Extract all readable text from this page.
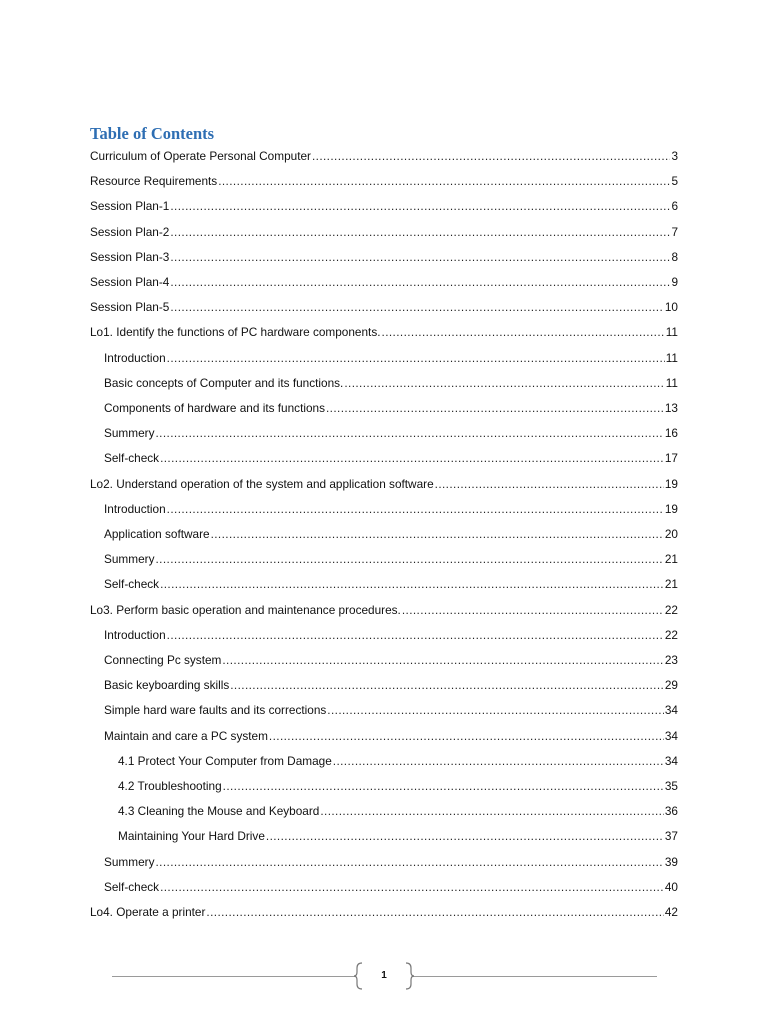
Table of Contents
Curriculum of Operate Personal Computer .....	3
Resource Requirements .....	5
Session Plan-1 .....	6
Session Plan-2 .....	7
Session Plan-3 .....	8
Session Plan-4 .....	9
Session Plan-5 .....	10
Lo1. Identify the functions of PC hardware components. .....	11
Introduction .....	11
Basic concepts of Computer and its functions. .....	11
Components of hardware and its functions .....	13
Summery .....	16
Self-check .....	17
Lo2. Understand operation of the system and application software .....	19
Introduction .....	19
Application software .....	20
Summery .....	21
Self-check .....	21
Lo3. Perform basic operation and maintenance procedures. .....	22
Introduction .....	22
Connecting Pc system .....	23
Basic keyboarding skills .....	29
Simple hard ware faults and its corrections .....	34
Maintain and care a PC system .....	34
4.1 Protect Your Computer from Damage .....	34
4.2 Troubleshooting .....	35
4.3 Cleaning the Mouse and Keyboard .....	36
Maintaining Your Hard Drive .....	37
Summery .....	39
Self-check .....	40
Lo4. Operate a printer .....	42
1
